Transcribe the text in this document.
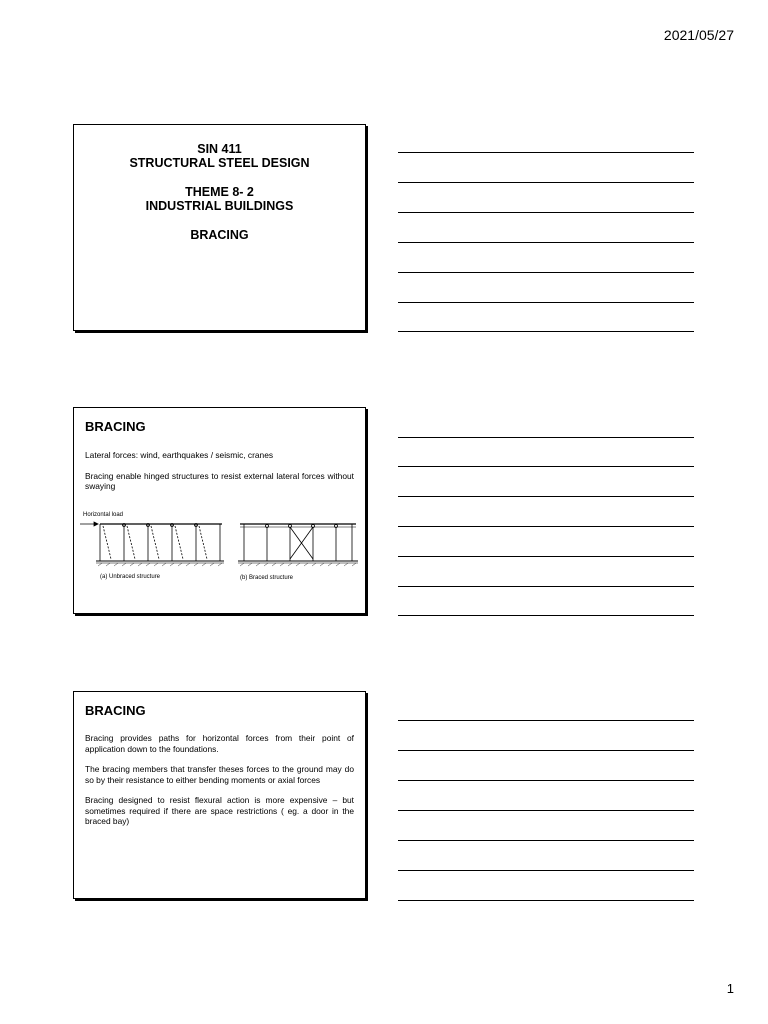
2021/05/27
SIN 411
STRUCTURAL STEEL DESIGN
THEME 8- 2
INDUSTRIAL BUILDINGS
BRACING
BRACING

Lateral forces: wind, earthquakes / seismic, cranes

Bracing enable hinged structures to resist external lateral forces without swaying

Horizontal load
(a) Unbraced structure	(b) Braced structure
BRACING

Bracing provides paths for horizontal forces from their point of application down to the foundations.

The bracing members that transfer theses forces to the ground may do so by their resistance to either bending moments or axial forces

Bracing designed to resist flexural action is more expensive – but sometimes required if there are space restrictions ( eg. a door in the braced bay)

1
